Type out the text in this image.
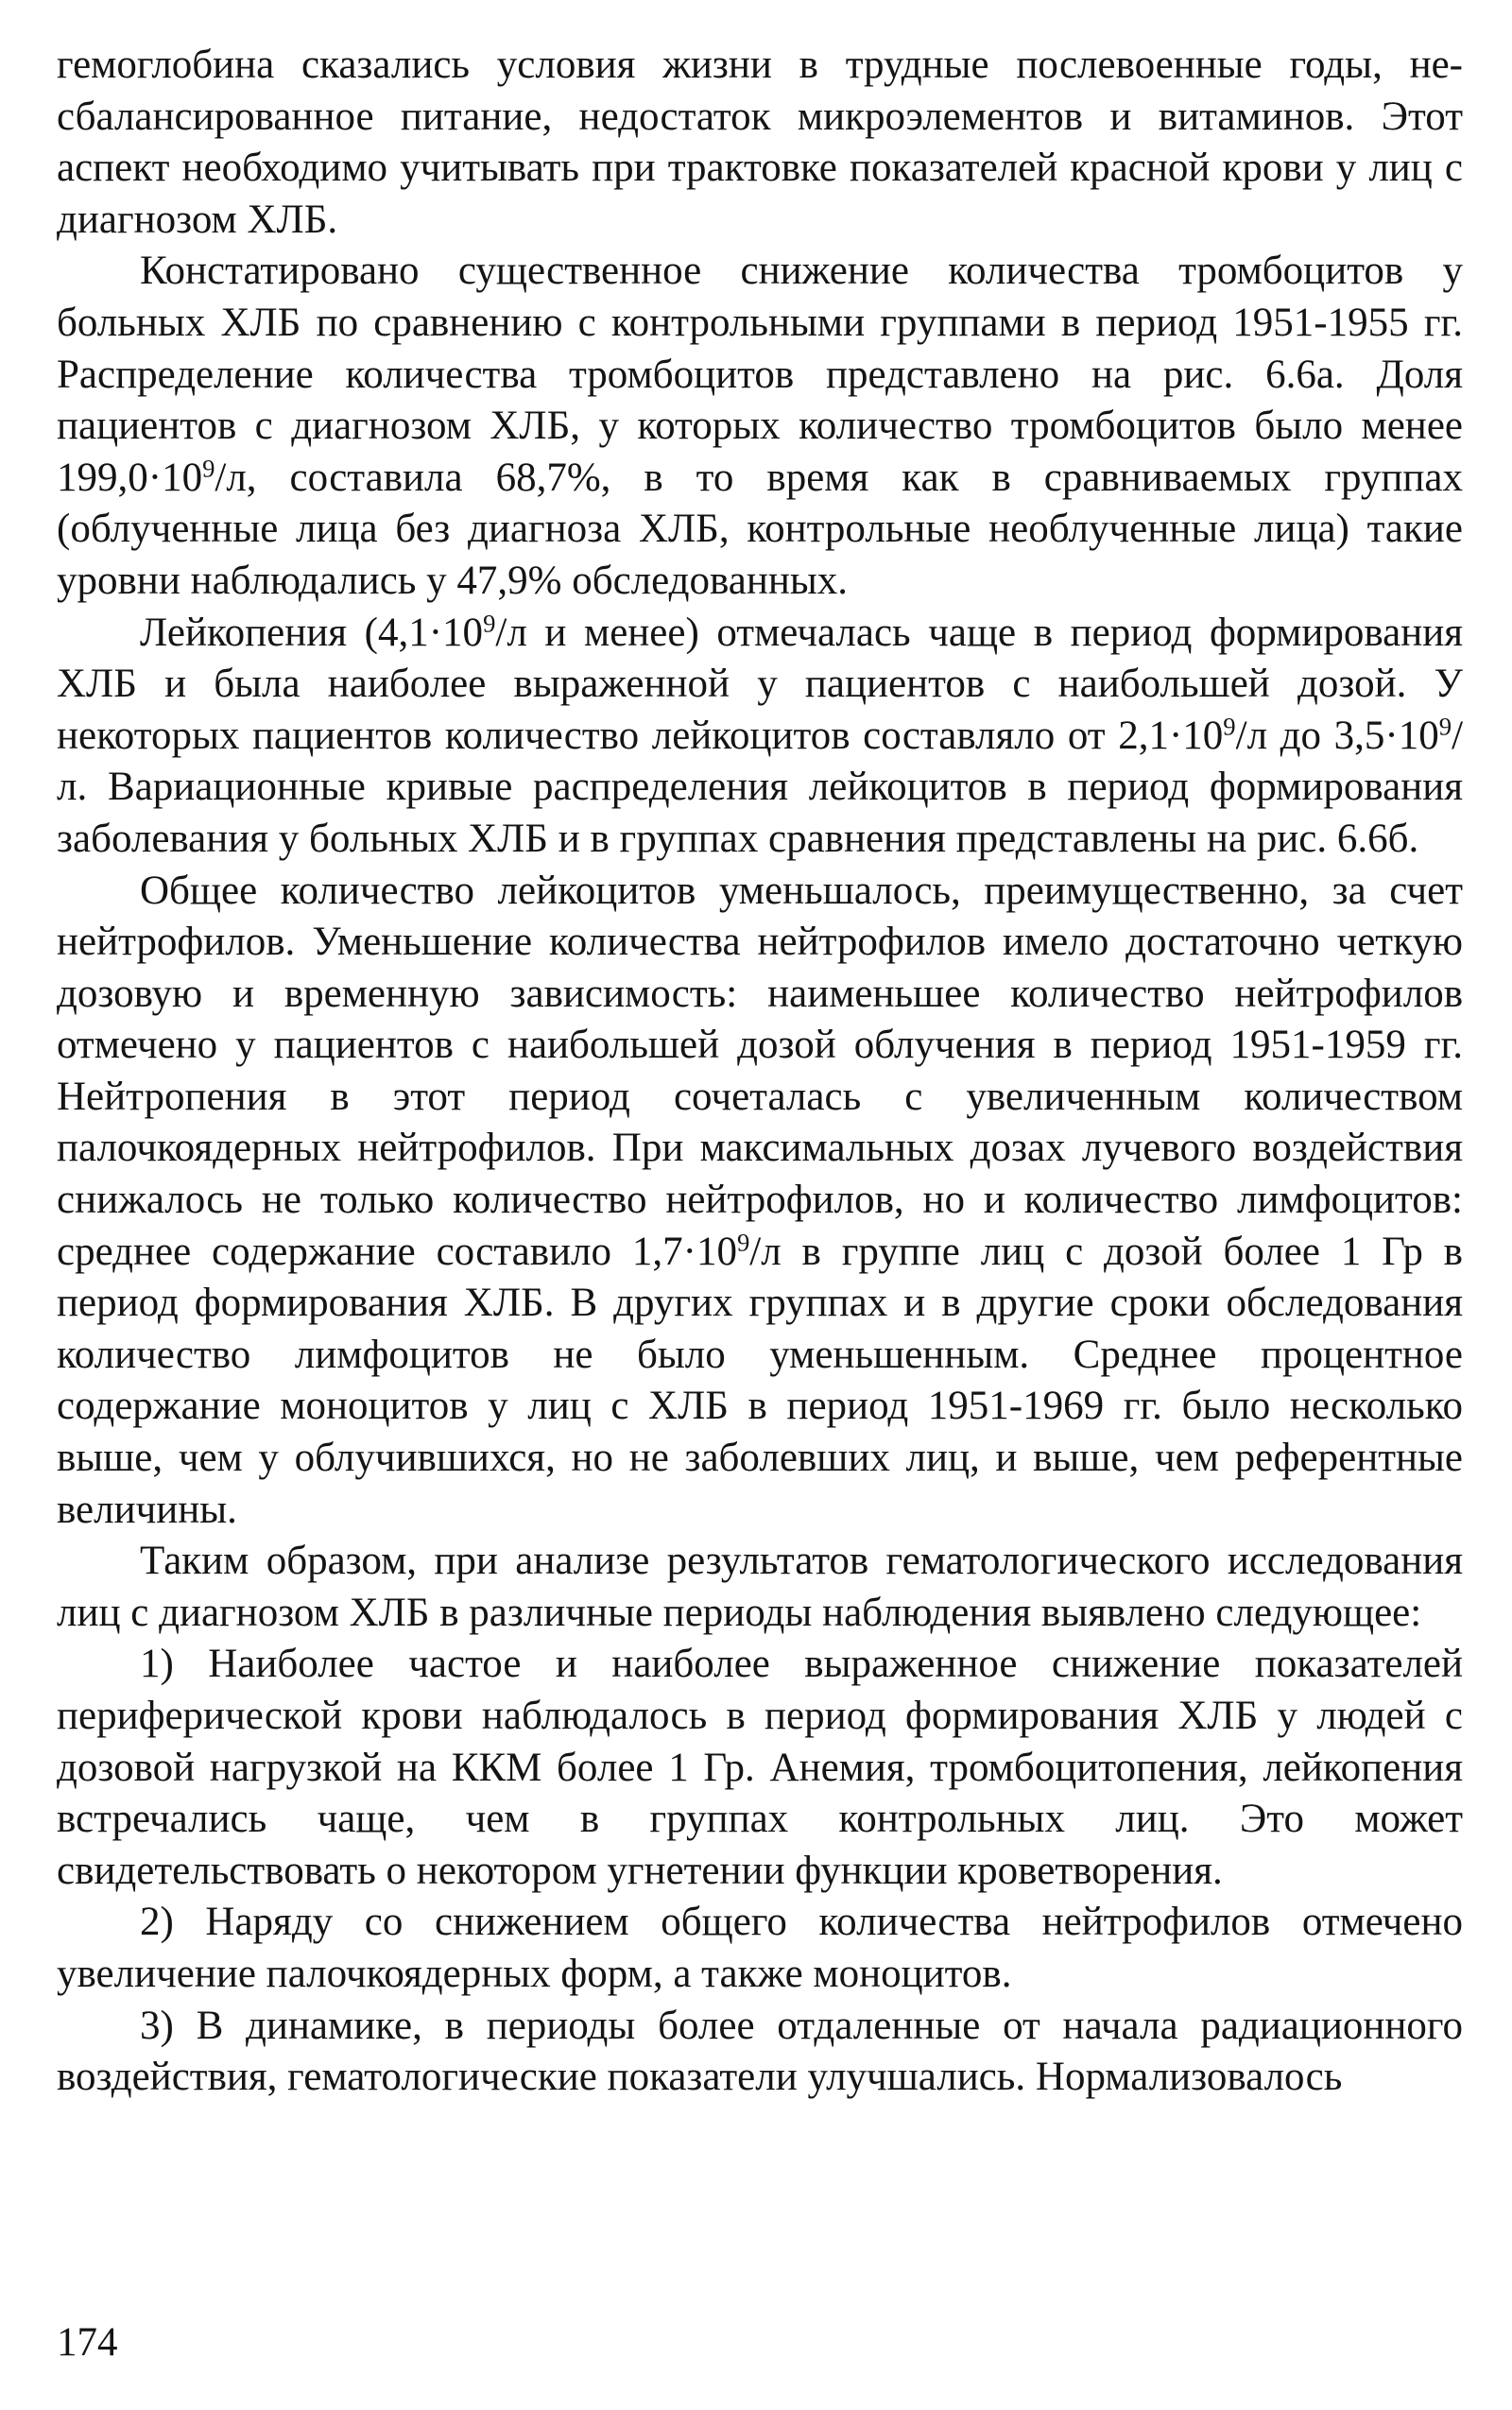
гемоглобина сказались условия жизни в трудные послевоенные годы, несбалансированное питание, недостаток микроэлементов и витаминов. Этот аспект необходимо учитывать при трактовке показателей красной крови у лиц с диагнозом ХЛБ.

Констатировано существенное снижение количества тромбоцитов у больных ХЛБ по сравнению с контрольными группами в период 1951-1955 гг. Распределение количества тромбоцитов представлено на рис. 6.6а. Доля пациентов с диагнозом ХЛБ, у которых количество тромбоцитов было менее $199,0\cdot 10^9/л$, составила 68,7%, в то время как в сравниваемых группах (облученные лица без диагноза ХЛБ, контрольные необлученные лица) такие уровни наблюдались у 47,9% обследованных.

Лейкопения ($4,1\cdot 10^9/л$ и менее) отмечалась чаще в период формирования ХЛБ и была наиболее выраженной у пациентов с наибольшей дозой. У некоторых пациентов количество лейкоцитов составляло от $2,1\cdot 10^9/л$ до $3,5\cdot 10^9/л$. Вариационные кривые распределения лейкоцитов в период формирования заболевания у больных ХЛБ и в группах сравнения представлены на рис. 6.6б.

Общее количество лейкоцитов уменьшалось, преимущественно, за счет нейтрофилов. Уменьшение количества нейтрофилов имело достаточно четкую дозовую и временную зависимость: наименьшее количество нейтрофилов отмечено у пациентов с наибольшей дозой облучения в период 1951-1959 гг. Нейтропения в этот период сочеталась с увеличенным количеством палочкоядерных нейтрофилов. При максимальных дозах лучевого воздействия снижалось не только количество нейтрофилов, но и количество лимфоцитов: среднее содержание составило $1,7\cdot 10^9/л$ в группе лиц с дозой более 1 Гр в период формирования ХЛБ. В других группах и в другие сроки обследования количество лимфоцитов не было уменьшенным. Среднее процентное содержание моноцитов у лиц с ХЛБ в период 1951-1969 гг. было несколько выше, чем у облучившихся, но не заболевших лиц, и выше, чем референтные величины.

Таким образом, при анализе результатов гематологического исследования лиц с диагнозом ХЛБ в различные периоды наблюдения выявлено следующее:

1) Наиболее частое и наиболее выраженное снижение показателей периферической крови наблюдалось в период формирования ХЛБ у людей с дозовой нагрузкой на ККМ более 1 Гр. Анемия, тромбоцитопения, лейкопения встречались чаще, чем в группах контрольных лиц. Это может свидетельствовать о некотором угнетении функции кроветворения.

2) Наряду со снижением общего количества нейтрофилов отмечено увеличение палочкоядерных форм, а также моноцитов.

3) В динамике, в периоды более отдаленные от начала радиационного воздействия, гематологические показатели улучшались. Нормализовалось

174
